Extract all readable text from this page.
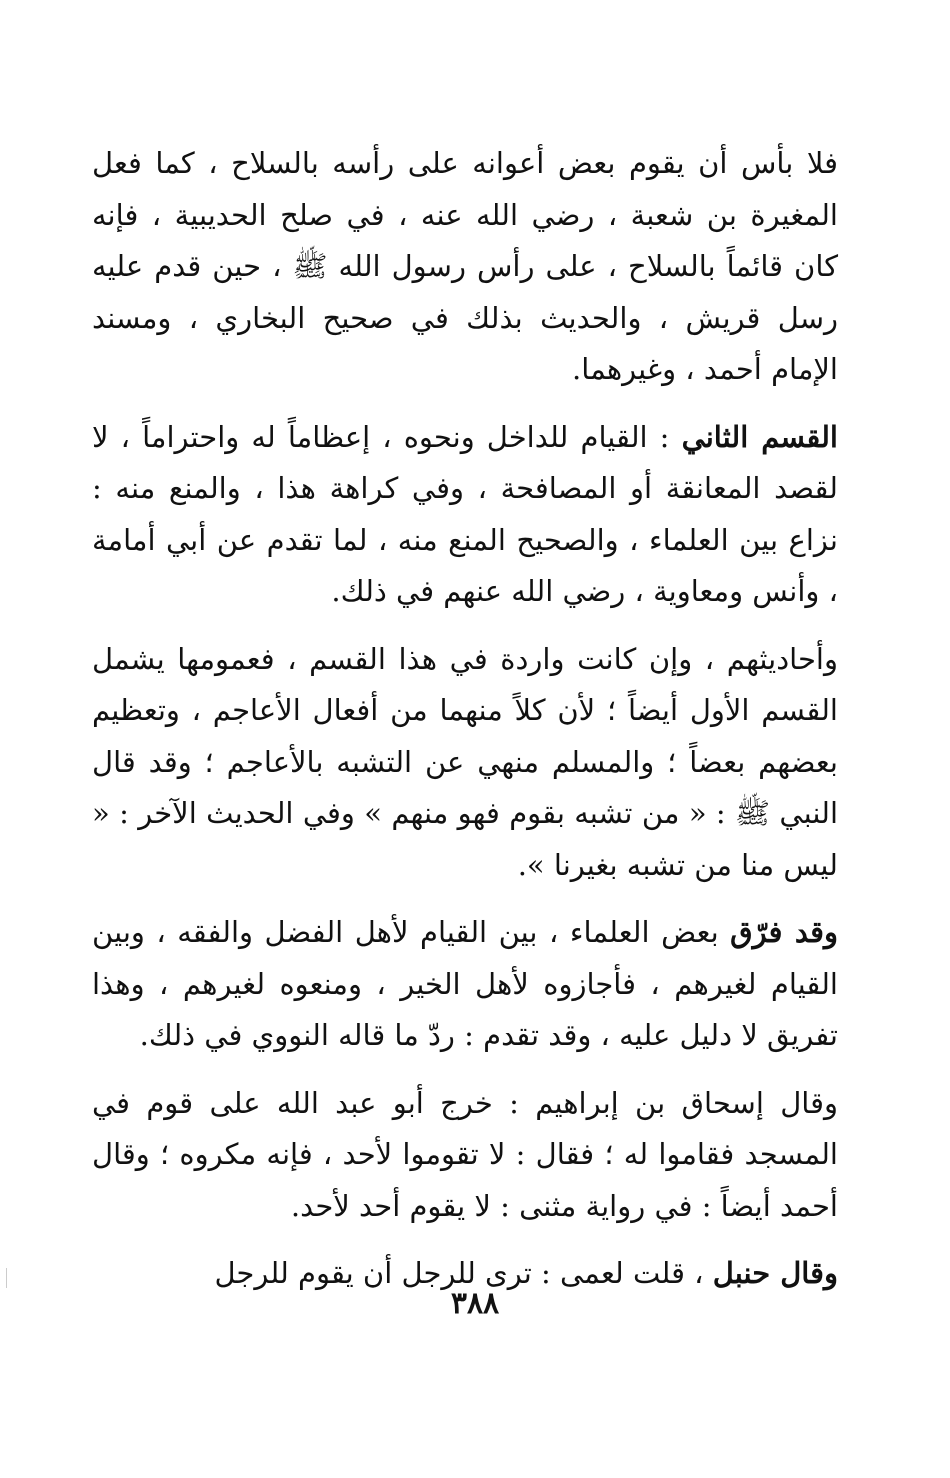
فلا بأس أن يقوم بعض أعوانه على رأسه بالسلاح ، كما فعل المغيرة بن شعبة ، رضي الله عنه ، في صلح الحديبية ، فإنه كان قائماً بالسلاح ، على رأس رسول الله ﷺ ، حين قدم عليه رسل قريش ، والحديث بذلك في صحيح البخاري ، ومسند الإمام أحمد ، وغيرهما.

القسم الثاني : القيام للداخل ونحوه ، إعظاماً له واحتراماً ، لا لقصد المعانقة أو المصافحة ، وفي كراهة هذا ، والمنع منه : نزاع بين العلماء ، والصحيح المنع منه ، لما تقدم عن أبي أمامة ، وأنس ومعاوية ، رضي الله عنهم في ذلك.

وأحاديثهم ، وإن كانت واردة في هذا القسم ، فعمومها يشمل القسم الأول أيضاً ؛ لأن كلاً منهما من أفعال الأعاجم ، وتعظيم بعضهم بعضاً ؛ والمسلم منهي عن التشبه بالأعاجم ؛ وقد قال النبي ﷺ : « من تشبه بقوم فهو منهم » وفي الحديث الآخر : « ليس منا من تشبه بغيرنا ».

وقد فرّق بعض العلماء ، بين القيام لأهل الفضل والفقه ، وبين القيام لغيرهم ، فأجازوه لأهل الخير ، ومنعوه لغيرهم ، وهذا تفريق لا دليل عليه ، وقد تقدم : ردّ ما قاله النووي في ذلك.

وقال إسحاق بن إبراهيم : خرج أبو عبد الله على قوم في المسجد فقاموا له ؛ فقال : لا تقوموا لأحد ، فإنه مكروه ؛ وقال أحمد أيضاً : في رواية مثنى : لا يقوم أحد لأحد.

وقال حنبل ، قلت لعمى : ترى للرجل أن يقوم للرجل

٣٨٨
